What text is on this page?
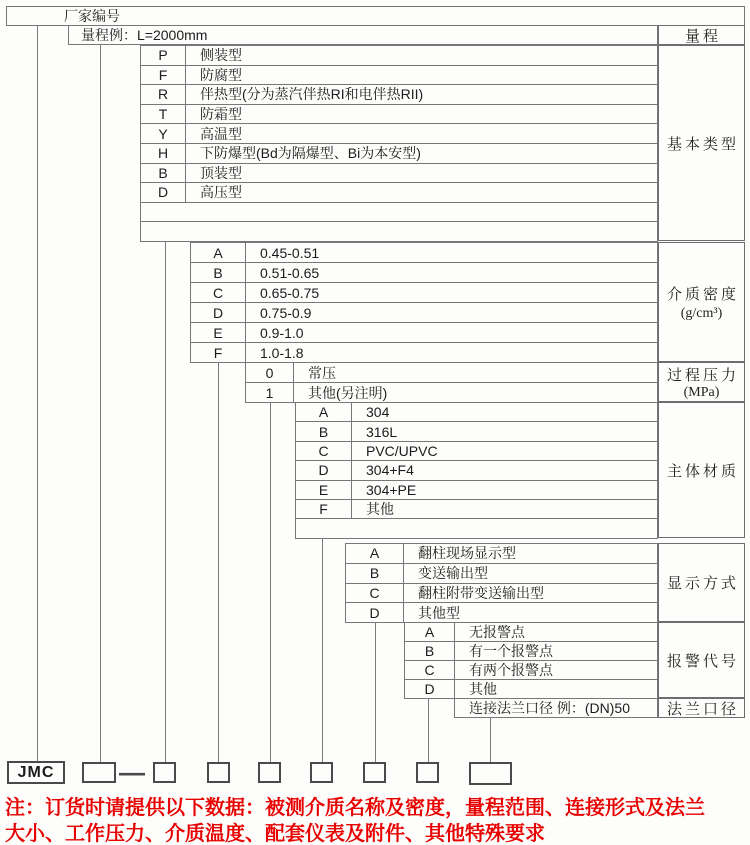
厂家编号
量程例：L=2000mm	量程
P	侧装型
F	防腐型
R	伴热型(分为蒸汽伴热RI和电伴热RII)
T	防霜型
Y	高温型
H	下防爆型(Bd为隔爆型、Bi为本安型)
B	顶装型
D	高压型
基本类型
A	0.45-0.51
B	0.51-0.65
C	0.65-0.75
D	0.75-0.9
E	0.9-1.0
F	1.0-1.8
介质密度
(g/cm³)
0	常压
1	其他(另注明)
过程压力
(MPa)
A	304
B	316L
C	PVC/UPVC
D	304+F4
E	304+PE
F	其他
主体材质
A	翻柱现场显示型
B	变送输出型
C	翻柱附带变送输出型
D	其他型
显示方式
A	无报警点
B	有一个报警点
C	有两个报警点
D	其他
报警代号
连接法兰口径 例：(DN)50	法兰口径
JMC	—
注：订货时请提供以下数据：被测介质名称及密度，量程范围、连接形式及法兰
大小、工作压力、介质温度、配套仪表及附件、其他特殊要求
